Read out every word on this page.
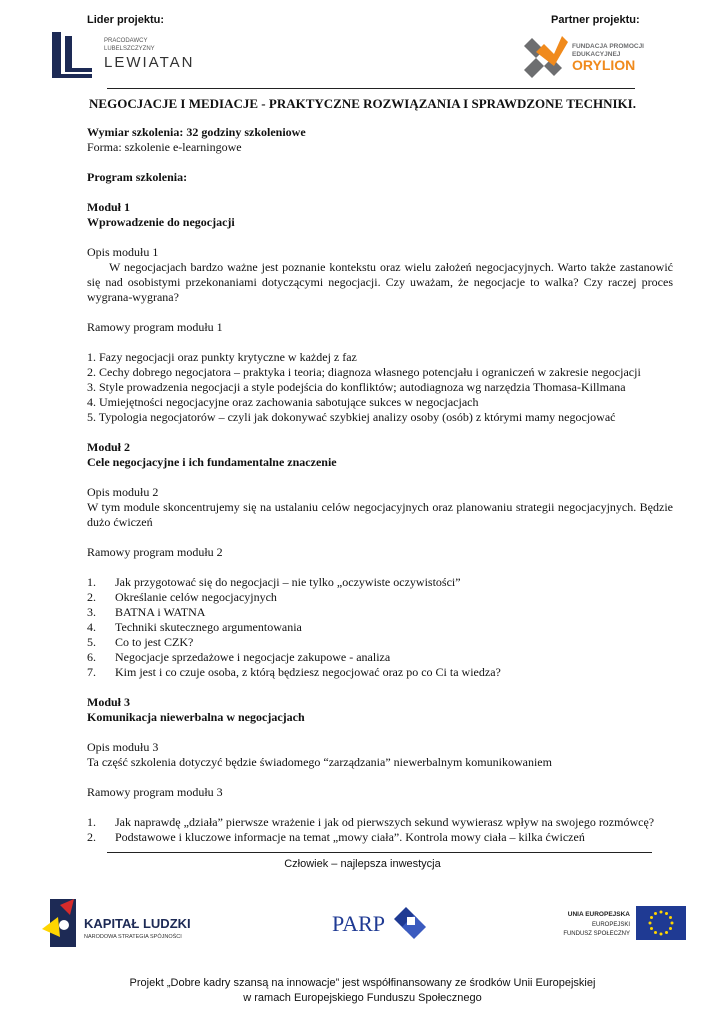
Lider projektu:	Partner projektu:
PRACODAWCY
LUBELSZCZYZNY
LEWIATAN
FUNDACJA PROMOCJI
EDUKACYJNEJ
ORYLION
NEGOCJACJE I MEDIACJE - PRAKTYCZNE ROZWIĄZANIA I SPRAWDZONE TECHNIKI.

Wymiar szkolenia: 32 godziny szkoleniowe

Forma: szkolenie e-learningowe

Program szkolenia:

Moduł 1

Wprowadzenie do negocjacji

Opis modułu 1

W negocjacjach bardzo ważne jest poznanie kontekstu oraz wielu założeń negocjacyjnych. Warto także zastanowić się nad osobistymi przekonaniami dotyczącymi negocjacji. Czy uważam, że negocjacje to walka? Czy raczej proces wygrana-wygrana?

Ramowy program modułu 1

1. Fazy negocjacji oraz punkty krytyczne w każdej z faz

2. Cechy dobrego negocjatora – praktyka i teoria; diagnoza własnego potencjału i ograniczeń w zakresie negocjacji

3. Style prowadzenia negocjacji a style podejścia do konfliktów; autodiagnoza wg narzędzia Thomasa-Killmana

4. Umiejętności negocjacyjne oraz zachowania sabotujące sukces w negocjacjach

5. Typologia negocjatorów – czyli jak dokonywać szybkiej analizy osoby (osób) z którymi mamy negocjować

Moduł 2

Cele negocjacyjne i ich fundamentalne znaczenie

Opis modułu 2

W tym module skoncentrujemy się na ustalaniu celów negocjacyjnych oraz planowaniu strategii negocjacyjnych. Będzie dużo ćwiczeń

Ramowy program modułu 2

1.	Jak przygotować się do negocjacji – nie tylko „oczywiste oczywistości”
2.	Określanie celów negocjacyjnych
3.	BATNA i WATNA
4.	Techniki skutecznego argumentowania
5.	Co to jest CZK?
6.	Negocjacje sprzedażowe i negocjacje zakupowe - analiza
7.	Kim jest i co czuje osoba, z którą będziesz negocjować oraz po co Ci ta wiedza?

Moduł 3

Komunikacja niewerbalna w negocjacjach

Opis modułu 3

Ta część szkolenia dotyczyć będzie świadomego “zarządzania” niewerbalnym komunikowaniem

Ramowy program modułu 3

1.	Jak naprawdę „działa” pierwsze wrażenie i jak od pierwszych sekund wywierasz wpływ na swojego rozmówcę?
2.	Podstawowe i kluczowe informacje na temat „mowy ciała”. Kontrola mowy ciała – kilka ćwiczeń
Człowiek – najlepsza inwestycja
KAPITAŁ LUDZKI
NARODOWA STRATEGIA SPÓJNOŚCI
PARP	UNIA EUROPEJSKA
EUROPEJSKI
FUNDUSZ SPOŁECZNY
Projekt „Dobre kadry szansą na innowacje” jest współfinansowany ze środków Unii Europejskiej
w ramach Europejskiego Funduszu Społecznego
